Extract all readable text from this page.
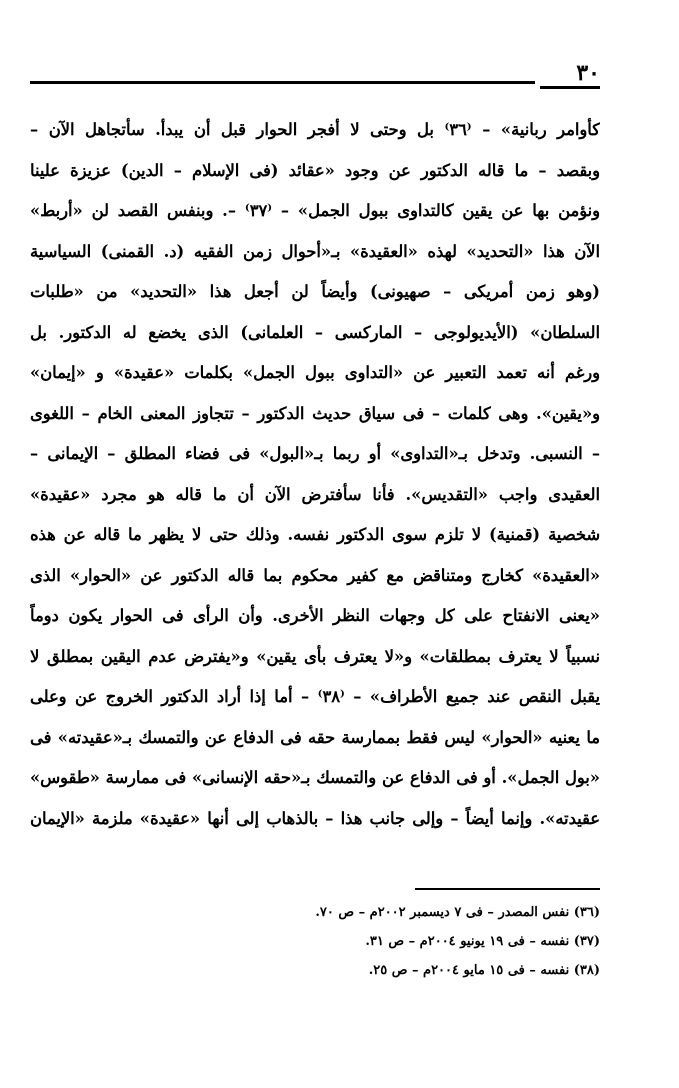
٣٠
كأوامر ربانية» – ⁽٣٦⁾ بل وحتى لا أفجر الحوار قبل أن يبدأ. سأتجاهل الآن –
وبقصد – ما قاله الدكتور عن وجود «عقائد (فى الإسلام – الدين) عزيزة علينا
ونؤمن بها عن يقين كالتداوى ببول الجمل» – ⁽٣٧⁾ –. وبنفس القصد لن «أربط»
الآن هذا «التحديد» لهذه «العقيدة» بـ«أحوال زمن الفقيه (د. القمنى) السياسية
(وهو زمن أمريكى – صهيونى) وأيضاً لن أجعل هذا «التحديد» من «طلبات
السلطان» (الأيديولوجى – الماركسى – العلمانى) الذى يخضع له الدكتور. بل
ورغم أنه تعمد التعبير عن «التداوى ببول الجمل» بكلمات «عقيدة» و «إيمان»
و«يقين». وهى كلمات – فى سياق حديث الدكتور – تتجاوز المعنى الخام – اللغوى
– النسبى. وتدخل بـ«التداوى» أو ربما بـ«البول» فى فضاء المطلق – الإيمانى –
العقيدى واجب «التقديس». فأنا سأفترض الآن أن ما قاله هو مجرد «عقيدة»
شخصية (قمنية) لا تلزم سوى الدكتور نفسه. وذلك حتى لا يظهر ما قاله عن هذه
«العقيدة» كخارج ومتناقض مع كفير محكوم بما قاله الدكتور عن «الحوار» الذى
«يعنى الانفتاح على كل وجهات النظر الأخرى. وأن الرأى فى الحوار يكون دوماً
نسبياً لا يعترف بمطلقات» و«لا يعترف بأى يقين» و«يفترض عدم اليقين بمطلق لا
يقبل النقص عند جميع الأطراف» – ⁽٣٨⁾ – أما إذا أراد الدكتور الخروج عن وعلى
ما يعنيه «الحوار» ليس فقط بممارسة حقه فى الدفاع عن والتمسك بـ«عقيدته» فى
«بول الجمل». أو فى الدفاع عن والتمسك بـ«حقه الإنسانى» فى ممارسة «طقوس»
عقيدته». وإنما أيضاً – وإلى جانب هذا – بالذهاب إلى أنها «عقيدة» ملزمة «الإيمان
(٣٦) نفس المصدر – فى ٧ ديسمبر ٢٠٠٢م – ص ٧٠.
(٣٧) نفسه – فى ١٩ يونيو ٢٠٠٤م – ص ٣١.
(٣٨) نفسه – فى ١٥ مايو ٢٠٠٤م – ص ٢٥.
